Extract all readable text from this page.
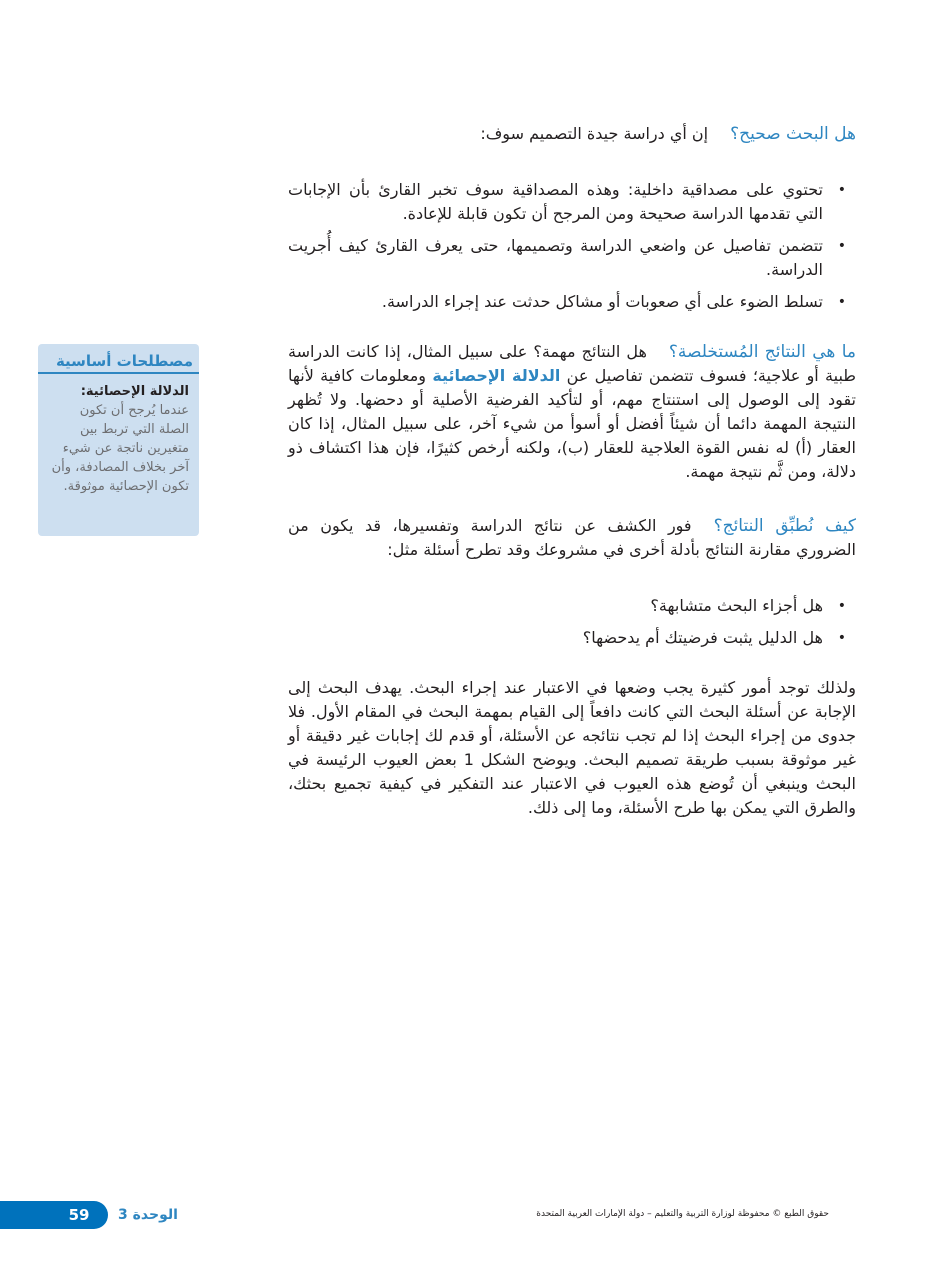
هل البحث صحيح؟إن أي دراسة جيدة التصميم سوف:
•
تحتوي على مصداقية داخلية: وهذه المصداقية سوف تخبر القارئ بأن الإجابات التي تقدمها الدراسة صحيحة ومن المرجح أن تكون قابلة للإعادة.
•
تتضمن تفاصيل عن واضعي الدراسة وتصميمها، حتى يعرف القارئ كيف أُجريت الدراسة.
•
تسلط الضوء على أي صعوبات أو مشاكل حدثت عند إجراء الدراسة.
ما هي النتائج المُستخلصة؟هل النتائج مهمة؟ على سبيل المثال، إذا كانت الدراسة طبية أو علاجية؛ فسوف تتضمن تفاصيل عن الدلالة الإحصائية ومعلومات كافية لأنها تقود إلى الوصول إلى استنتاج مهم، أو لتأكيد الفرضية الأصلية أو دحضها. ولا تُظهر النتيجة المهمة دائما أن شيئاً أفضل أو أسوأ من شيء آخر، على سبيل المثال، إذا كان العقار (أ) له نفس القوة العلاجية للعقار (ب)، ولكنه أرخص كثيرًا، فإن هذا اكتشاف ذو دلالة، ومن ثَّم نتيجة مهمة.
كيف نُطبِّق النتائج؟فور الكشف عن نتائج الدراسة وتفسيرها، قد يكون من الضروري مقارنة النتائج بأدلة أخرى في مشروعك وقد تطرح أسئلة مثل:
•
هل أجزاء البحث متشابهة؟
•
هل الدليل يثبت فرضيتك أم يدحضها؟
ولذلك توجد أمور كثيرة يجب وضعها في الاعتبار عند إجراء البحث. يهدف البحث إلى الإجابة عن أسئلة البحث التي كانت دافعاً إلى القيام بمهمة البحث في المقام الأول. فلا جدوى من إجراء البحث إذا لم تجب نتائجه عن الأسئلة، أو قدم لك إجابات غير دقيقة أو غير موثوقة بسبب طريقة تصميم البحث. ويوضح الشكل 1 بعض العيوب الرئيسة في البحث وينبغي أن تُوضع هذه العيوب في الاعتبار عند التفكير في كيفية تجميع بحثك، والطرق التي يمكن بها طرح الأسئلة، وما إلى ذلك.
مصطلحات أساسية
الدلالة الإحصائية:
عندما يُرجح أن تكون الصلة التي تربط بين متغيرين ناتجة عن شيء آخر بخلاف المصادفة، وأن تكون الإحصائية موثوقة.
59	الوحدة 3	حقوق الطبع © محفوظة لوزارة التربية والتعليم – دولة الإمارات العربية المتحدة
